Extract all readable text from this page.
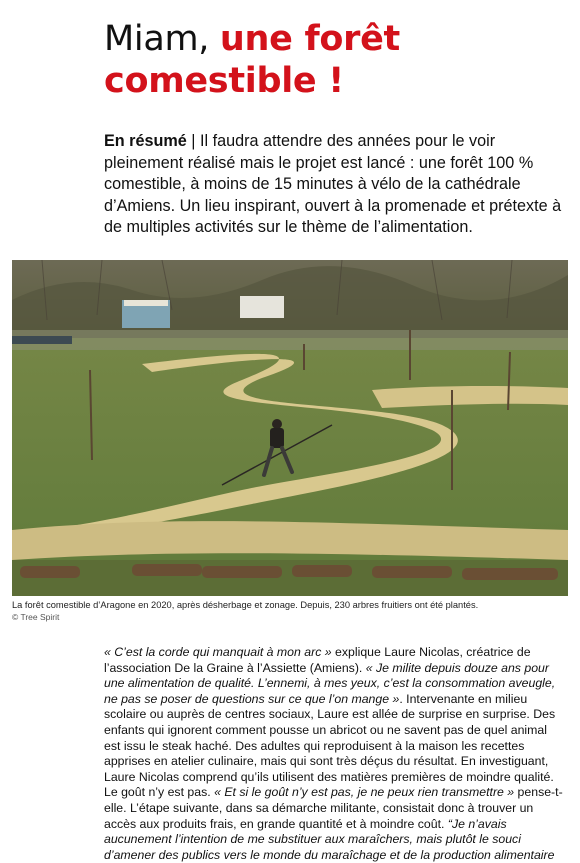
Miam, une forêt comestible !
En résumé | Il faudra attendre des années pour le voir pleinement réalisé mais le projet est lancé : une forêt 100 % comestible, à moins de 15 minutes à vélo de la cathédrale d’Amiens. Un lieu inspirant, ouvert à la promenade et prétexte à de multiples activités sur le thème de l’alimentation.
La forêt comestible d’Aragone en 2020, après désherbage et zonage. Depuis, 230 arbres fruitiers ont été plantés.
© Tree Spirit

« C’est la corde qui manquait à mon arc » explique Laure Nicolas, créatrice de l’association De la Graine à l’Assiette (Amiens). « Je milite depuis douze ans pour une alimentation de qualité. L’ennemi, à mes yeux, c’est la consommation aveugle, ne pas se poser de questions sur ce que l’on mange ». Intervenante en milieu scolaire ou auprès de centres sociaux, Laure est allée de surprise en surprise. Des enfants qui ignorent comment pousse un abricot ou ne savent pas de quel animal est issu le steak haché. Des adultes qui reproduisent à la maison les recettes apprises en atelier culinaire, mais qui sont très déçus du résultat. En investiguant, Laure Nicolas comprend qu’ils utilisent des matières premières de moindre qualité. Le goût n’y est pas. « Et si le goût n’y est pas, je ne peux rien transmettre » pense-t-elle. L’étape suivante, dans sa démarche militante, consistait donc à trouver un accès aux produits frais, en grande quantité et à moindre coût. “Je n’avais aucunement l’intention de me substituer aux maraîchers, mais plutôt le souci d’amener des publics vers le monde du maraîchage et de la production alimentaire
